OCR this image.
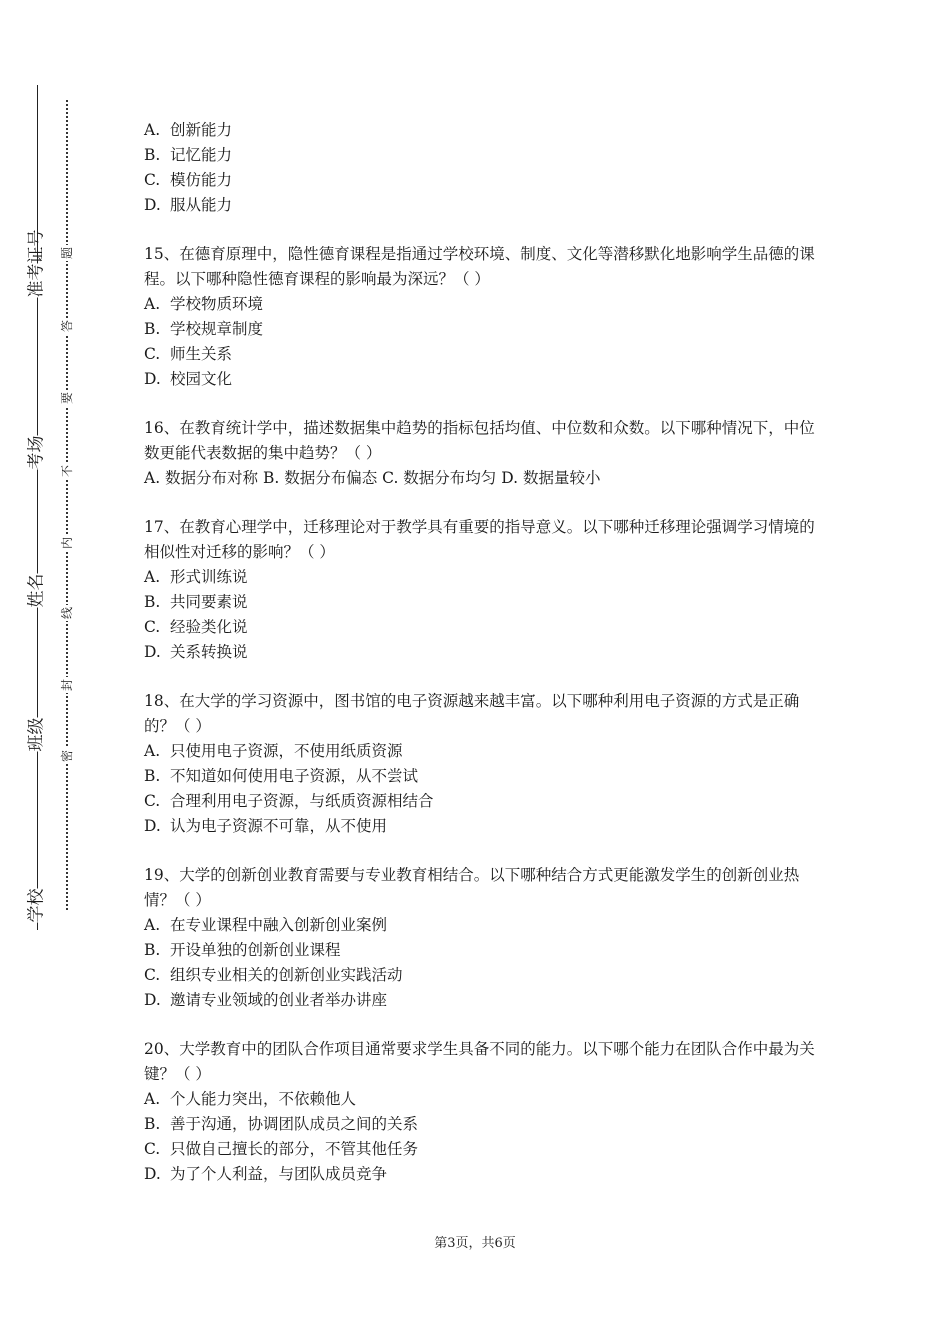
准考证号
考场
姓名
班级
学校
题
答
要
不
内
线
封
密

A. 创新能力

B. 记忆能力

C. 模仿能力

D. 服从能力

15、在德育原理中，隐性德育课程是指通过学校环境、制度、文化等潜移默化地影响学生品德的课程。以下哪种隐性德育课程的影响最为深远？（ ）

A. 学校物质环境

B. 学校规章制度

C. 师生关系

D. 校园文化

16、在教育统计学中，描述数据集中趋势的指标包括均值、中位数和众数。以下哪种情况下，中位数更能代表数据的集中趋势？（ ）

A. 数据分布对称 B. 数据分布偏态 C. 数据分布均匀 D. 数据量较小

17、在教育心理学中，迁移理论对于教学具有重要的指导意义。以下哪种迁移理论强调学习情境的相似性对迁移的影响？（ ）

A. 形式训练说

B. 共同要素说

C. 经验类化说

D. 关系转换说

18、在大学的学习资源中，图书馆的电子资源越来越丰富。以下哪种利用电子资源的方式是正确的？（ ）

A. 只使用电子资源，不使用纸质资源

B. 不知道如何使用电子资源，从不尝试

C. 合理利用电子资源，与纸质资源相结合

D. 认为电子资源不可靠，从不使用

19、大学的创新创业教育需要与专业教育相结合。以下哪种结合方式更能激发学生的创新创业热情？（ ）

A. 在专业课程中融入创新创业案例

B. 开设单独的创新创业课程

C. 组织专业相关的创新创业实践活动

D. 邀请专业领域的创业者举办讲座

20、大学教育中的团队合作项目通常要求学生具备不同的能力。以下哪个能力在团队合作中最为关键？（ ）

A. 个人能力突出，不依赖他人

B. 善于沟通，协调团队成员之间的关系

C. 只做自己擅长的部分，不管其他任务

D. 为了个人利益，与团队成员竞争

第3页，共6页
